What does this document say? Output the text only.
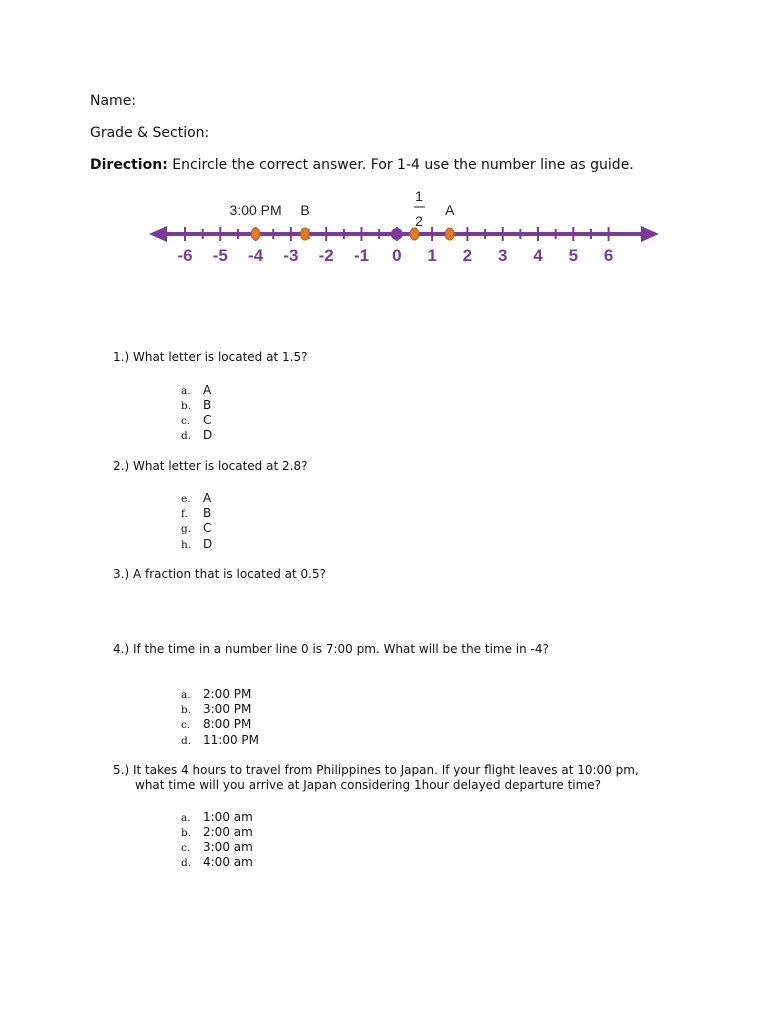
Name:
Grade & Section:
Direction: Encircle the correct answer. For 1-4 use the number line as guide.
-6 -5 -4 -3 -2 -1 0 1 2 3 4 5 6
3:00 PM B	A
1
2
1.) What letter is located at 1.5?
a. A
b. B
c. C
d. D
2.) What letter is located at 2.8?
e. A
f. B
g. C
h. D
3.) A fraction that is located at 0.5?
4.) If the time in a number line 0 is 7:00 pm. What will be the time in -4?
a. 2:00 PM
b. 3:00 PM
c. 8:00 PM
d. 11:00 PM
5.) It takes 4 hours to travel from Philippines to Japan. If your flight leaves at 10:00 pm,
what time will you arrive at Japan considering 1hour delayed departure time?
a. 1:00 am
b. 2:00 am
c. 3:00 am
d. 4:00 am
